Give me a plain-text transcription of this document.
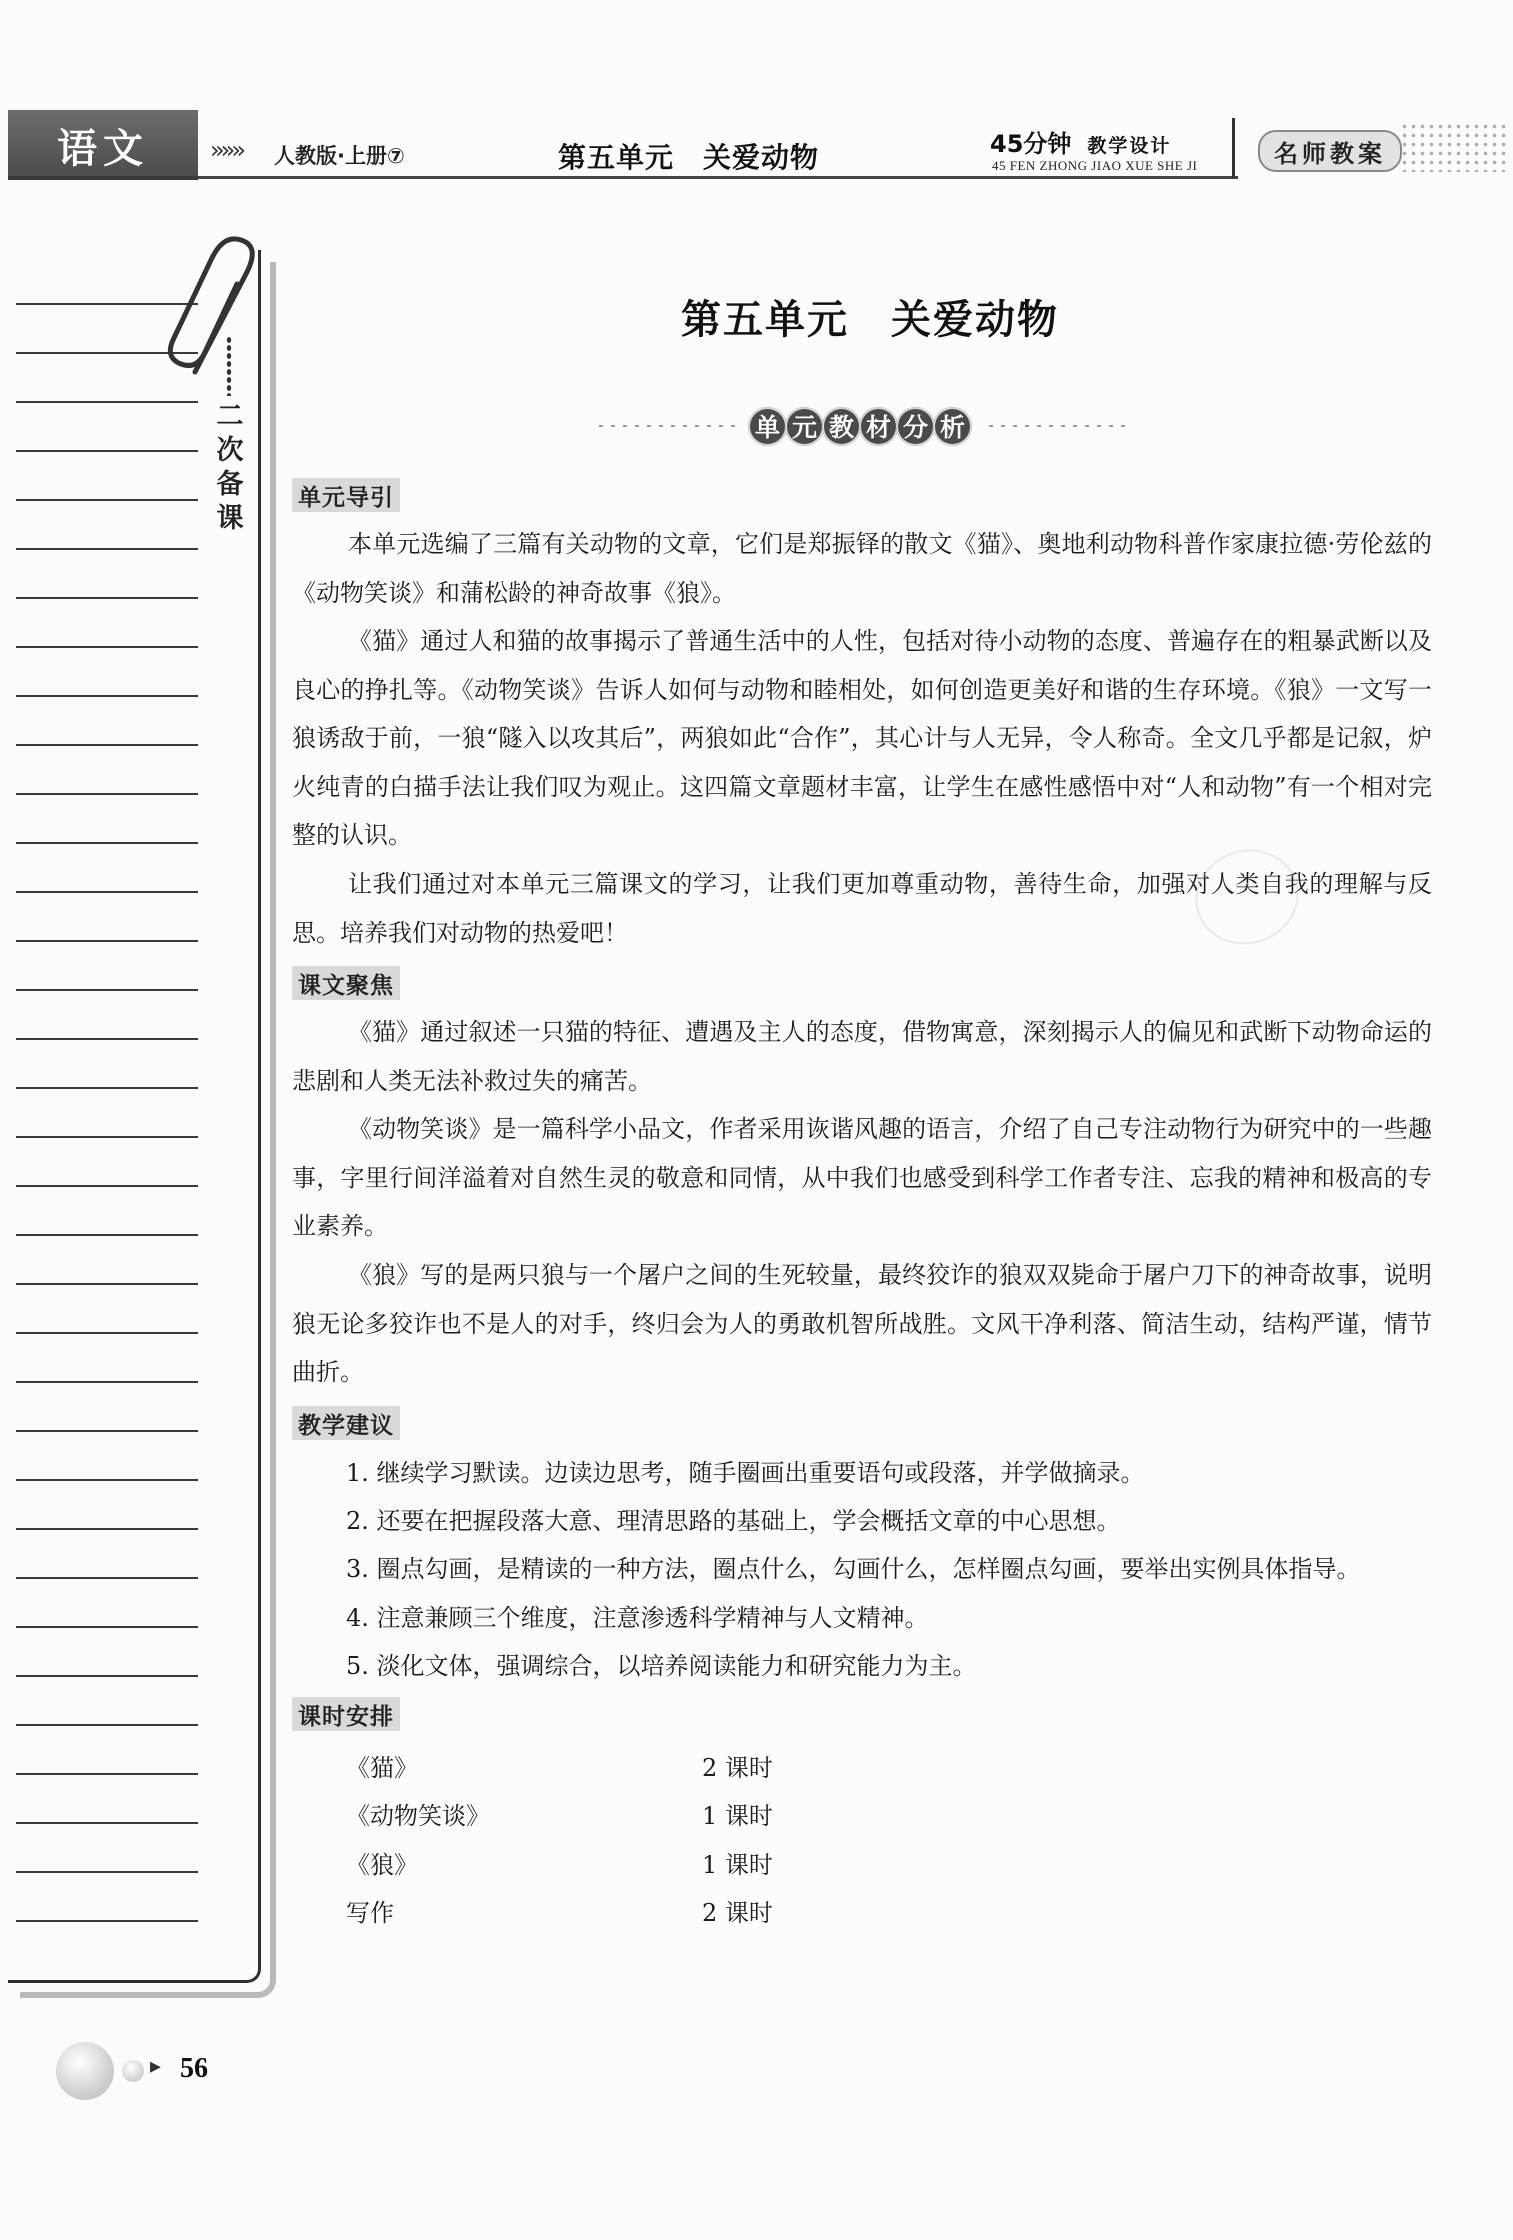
语文	»»» 人教版·上册⑦	第五单元　关爱动物	45分钟 教学设计
45 FEN ZHONG JIAO XUE SHE JI	名师教案
二次备课
第五单元　关爱动物
单 元 教 材 分 析
单元导引

本单元选编了三篇有关动物的文章，它们是郑振铎的散文《猫》、奥地利动物科普作家康拉德·劳伦兹的《动物笑谈》和蒲松龄的神奇故事《狼》。

《猫》通过人和猫的故事揭示了普通生活中的人性，包括对待小动物的态度、普遍存在的粗暴武断以及良心的挣扎等。《动物笑谈》告诉人如何与动物和睦相处，如何创造更美好和谐的生存环境。《狼》一文写一狼诱敌于前，一狼“隧入以攻其后”，两狼如此“合作”，其心计与人无异，令人称奇。全文几乎都是记叙，炉火纯青的白描手法让我们叹为观止。这四篇文章题材丰富，让学生在感性感悟中对“人和动物”有一个相对完整的认识。

让我们通过对本单元三篇课文的学习，让我们更加尊重动物，善待生命，加强对人类自我的理解与反思。培养我们对动物的热爱吧！

课文聚焦

《猫》通过叙述一只猫的特征、遭遇及主人的态度，借物寓意，深刻揭示人的偏见和武断下动物命运的悲剧和人类无法补救过失的痛苦。

《动物笑谈》是一篇科学小品文，作者采用诙谐风趣的语言，介绍了自己专注动物行为研究中的一些趣事，字里行间洋溢着对自然生灵的敬意和同情，从中我们也感受到科学工作者专注、忘我的精神和极高的专业素养。

《狼》写的是两只狼与一个屠户之间的生死较量，最终狡诈的狼双双毙命于屠户刀下的神奇故事，说明狼无论多狡诈也不是人的对手，终归会为人的勇敢机智所战胜。文风干净利落、简洁生动，结构严谨，情节曲折。

教学建议
1. 继续学习默读。边读边思考，随手圈画出重要语句或段落，并学做摘录。
2. 还要在把握段落大意、理清思路的基础上，学会概括文章的中心思想。
3. 圈点勾画，是精读的一种方法，圈点什么，勾画什么，怎样圈点勾画，要举出实例具体指导。
4. 注意兼顾三个维度，注意渗透科学精神与人文精神。
5. 淡化文体，强调综合，以培养阅读能力和研究能力为主。
课时安排
《猫》	2 课时
《动物笑谈》	1 课时
《狼》	1 课时
写作	2 课时
▸ 56
